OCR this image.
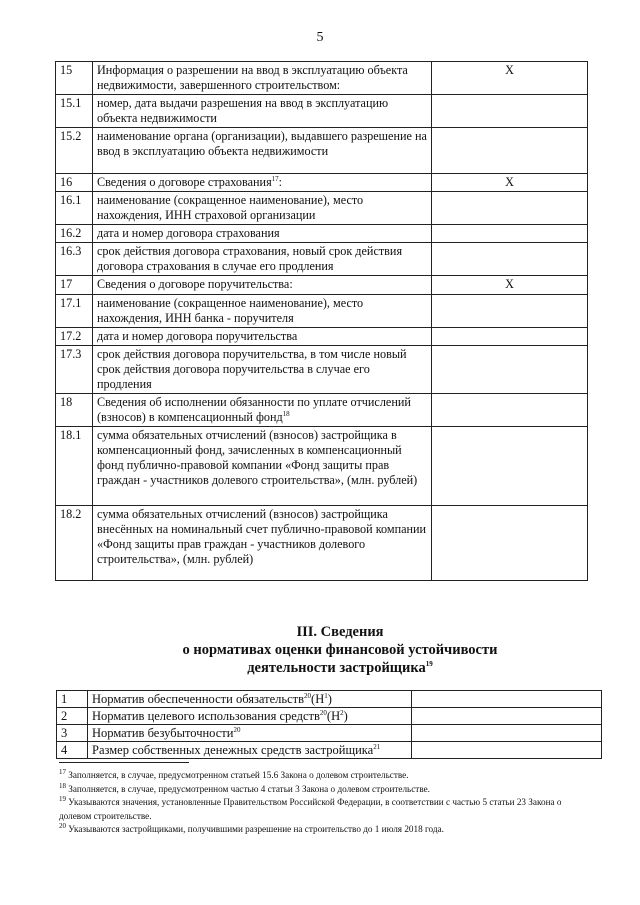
5
15	Информация о разрешении на ввод в эксплуатацию объекта недвижимости, завершенного строительством:	X
15.1	номер, дата выдачи разрешения на ввод в эксплуатацию объекта недвижимости	
15.2	наименование органа (организации), выдавшего разрешение на ввод в эксплуатацию объекта недвижимости	
16	Сведения о договоре страхования$^{17}$:	X
16.1	наименование (сокращенное наименование), место нахождения, ИНН страховой организации	
16.2	дата и номер договора страхования	
16.3	срок действия договора страхования, новый срок действия договора страхования в случае его продления	
17	Сведения о договоре поручительства:	X
17.1	наименование (сокращенное наименование), место нахождения, ИНН банка - поручителя	
17.2	дата и номер договора поручительства	
17.3	срок действия договора поручительства, в том числе новый срок действия договора поручительства в случае его продления	
18	Сведения об исполнении обязанности по уплате отчислений (взносов) в компенсационный фонд$^{18}$	
18.1	сумма обязательных отчислений (взносов) застройщика в компенсационный фонд, зачисленных в компенсационный фонд публично-правовой компании «Фонд защиты прав граждан - участников долевого строительства», (млн. рублей)	
18.2	сумма обязательных отчислений (взносов) застройщика внесённых на номинальный счет публично-правовой компании «Фонд защиты прав граждан - участников долевого строительства», (млн. рублей)	
III. Сведения
о нормативах оценки финансовой устойчивости
деятельности застройщика$^{19}$
1	Норматив обеспеченности $обязательств^{20}(Н^1)$	
2	Норматив целевого использования $средств^{20}(Н^2)$	
3	Норматив безубыточности$^{20}$	
4	Размер собственных денежных средств застройщика$^{21}$	

$^{17}$ Заполняется, в случае, предусмотренном статьей 15.6 Закона о долевом строительстве.

$^{18}$ Заполняется, в случае, предусмотренном частью 4 статьи 3 Закона о долевом строительстве.

$^{19}$ Указываются значения, установленные Правительством Российской Федерации, в соответствии с частью 5 статьи 23 Закона о долевом строительстве.

$^{20}$ Указываются застройщиками, получившими разрешение на строительство до 1 июля 2018 года.
